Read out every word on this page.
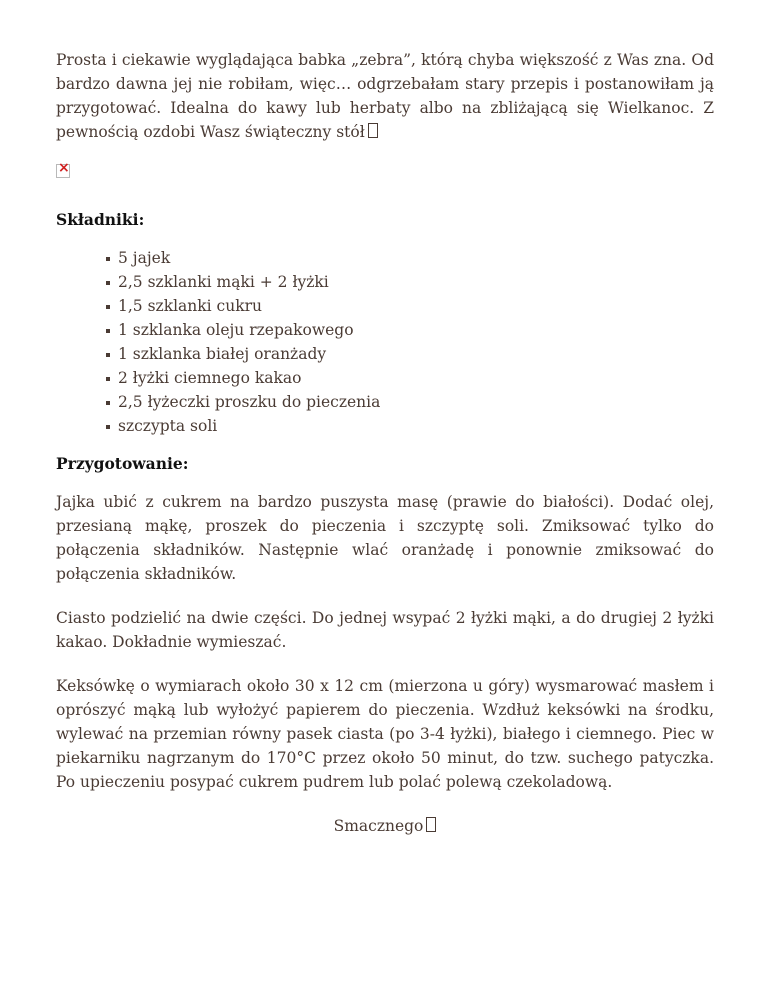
Prosta i ciekawie wyglądająca babka „zebra”, którą chyba większość z Was zna. Od bardzo dawna jej nie robiłam, więc… odgrzebałam stary przepis i postanowiłam ją przygotować. Idealna do kawy lub herbaty albo na zbliżającą się Wielkanoc. Z pewnością ozdobi Wasz świąteczny stół

×
Składniki:
5 jajek
2,5 szklanki mąki + 2 łyżki
1,5 szklanki cukru
1 szklanka oleju rzepakowego
1 szklanka białej oranżady
2 łyżki ciemnego kakao
2,5 łyżeczki proszku do pieczenia
szczypta soli
Przygotowanie:

Jajka ubić z cukrem na bardzo puszysta masę (prawie do białości). Dodać olej, przesianą mąkę, proszek do pieczenia i szczyptę soli. Zmiksować tylko do połączenia składników. Następnie wlać oranżadę i ponownie zmiksować do połączenia składników.

Ciasto podzielić na dwie części. Do jednej wsypać 2 łyżki mąki, a do drugiej 2 łyżki kakao. Dokładnie wymieszać.

Keksówkę o wymiarach około 30 x 12 cm (mierzona u góry) wysmarować masłem i oprószyć mąką lub wyłożyć papierem do pieczenia. Wzdłuż keksówki na środku, wylewać na przemian równy pasek ciasta (po 3-4 łyżki), białego i ciemnego. Piec w piekarniku nagrzanym do 170°C przez około 50 minut, do tzw. suchego patyczka. Po upieczeniu posypać cukrem pudrem lub polać polewą czekoladową.

Smacznego
